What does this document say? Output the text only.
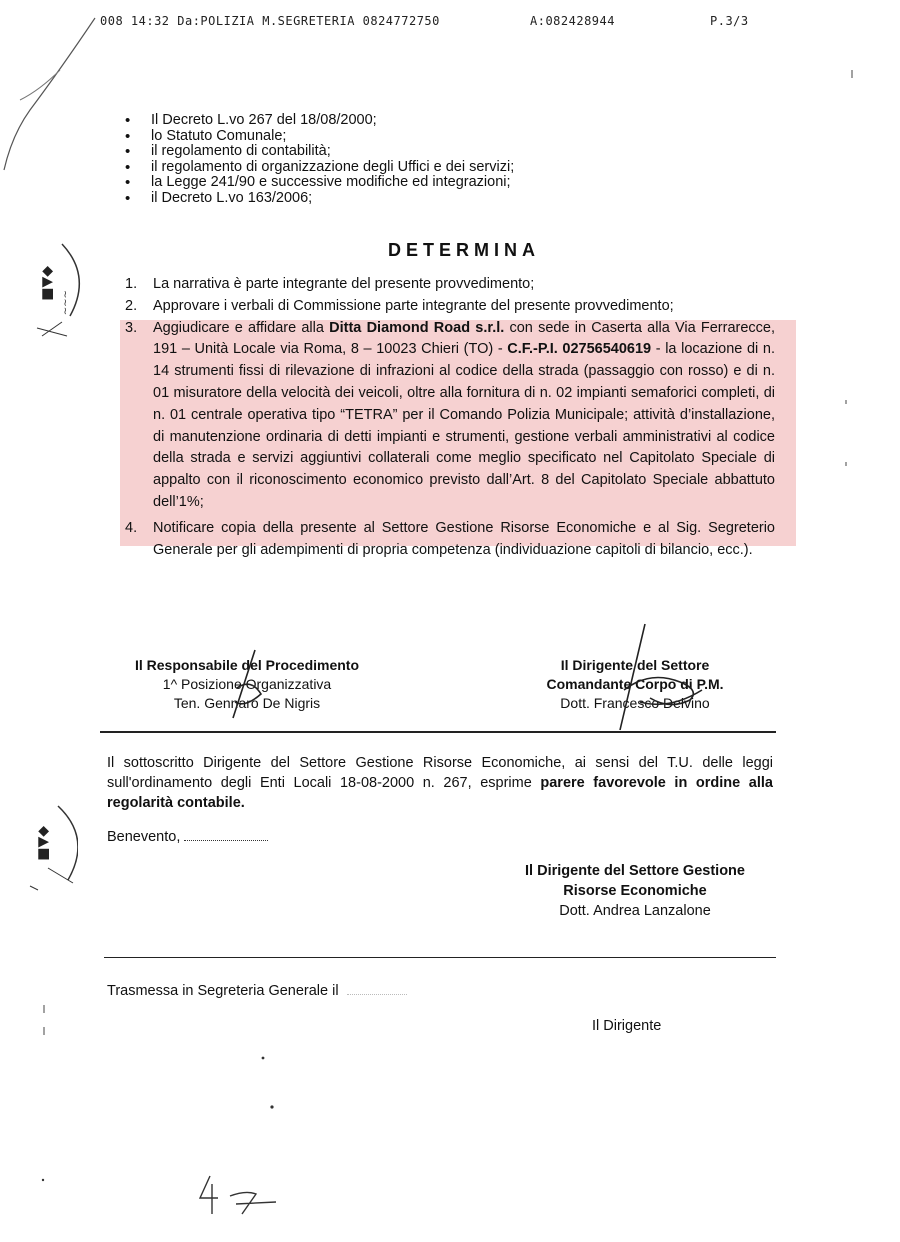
008 14:32 Da:POLIZIA M.SEGRETERIA 0824772750	A:082428944	P.3/3
• Il Decreto L.vo 267 del 18/08/2000;
• lo Statuto Comunale;
• il regolamento di contabilità;
• il regolamento di organizzazione degli Uffici e dei servizi;
• la Legge 241/90 e successive modifiche ed integrazioni;
• il Decreto L.vo 163/2006;
◆▲■
~~~
◆▲■
DETERMINA

1. La narrativa è parte integrante del presente provvedimento;

2. Approvare i verbali di Commissione parte integrante del presente provvedimento;

3. Aggiudicare e affidare alla Ditta Diamond Road s.r.l. con sede in Caserta alla Via Ferrarecce, 191 – Unità Locale via Roma, 8 – 10023 Chieri (TO) - C.F.-P.I. 02756540619 - la locazione di n. 14 strumenti fissi di rilevazione di infrazioni al codice della strada (passaggio con rosso) e di n. 01 misuratore della velocità dei veicoli, oltre alla fornitura di n. 02 impianti semaforici completi, di n. 01 centrale operativa tipo “TETRA” per il Comando Polizia Municipale; attività d’installazione, di manutenzione ordinaria di detti impianti e strumenti, gestione verbali amministrativi al codice della strada e servizi aggiuntivi collaterali come meglio specificato nel Capitolato Speciale di appalto con il riconoscimento economico previsto dall’Art. 8 del Capitolato Speciale abbattuto dell’1%;

4. Notificare copia della presente al Settore Gestione Risorse Economiche e al Sig. Segreterio Generale per gli adempimenti di propria competenza (individuazione capitoli di bilancio, ecc.).

Il Responsabile del Procedimento
1^ Posizione Organizzativa
Ten. Gennaro De Nigris
Il Dirigente del Settore
Comandante Corpo di P.M.
Dott. Francesco Delvino
Il sottoscritto Dirigente del Settore Gestione Risorse Economiche, ai sensi del T.U. delle leggi sull'ordinamento degli Enti Locali 18-08-2000 n. 267, esprime parere favorevole in ordine alla regolarità contabile.
Benevento,
Il Dirigente del Settore Gestione
Risorse Economiche
Dott. Andrea Lanzalone
Trasmessa in Segreteria Generale il
Il Dirigente
